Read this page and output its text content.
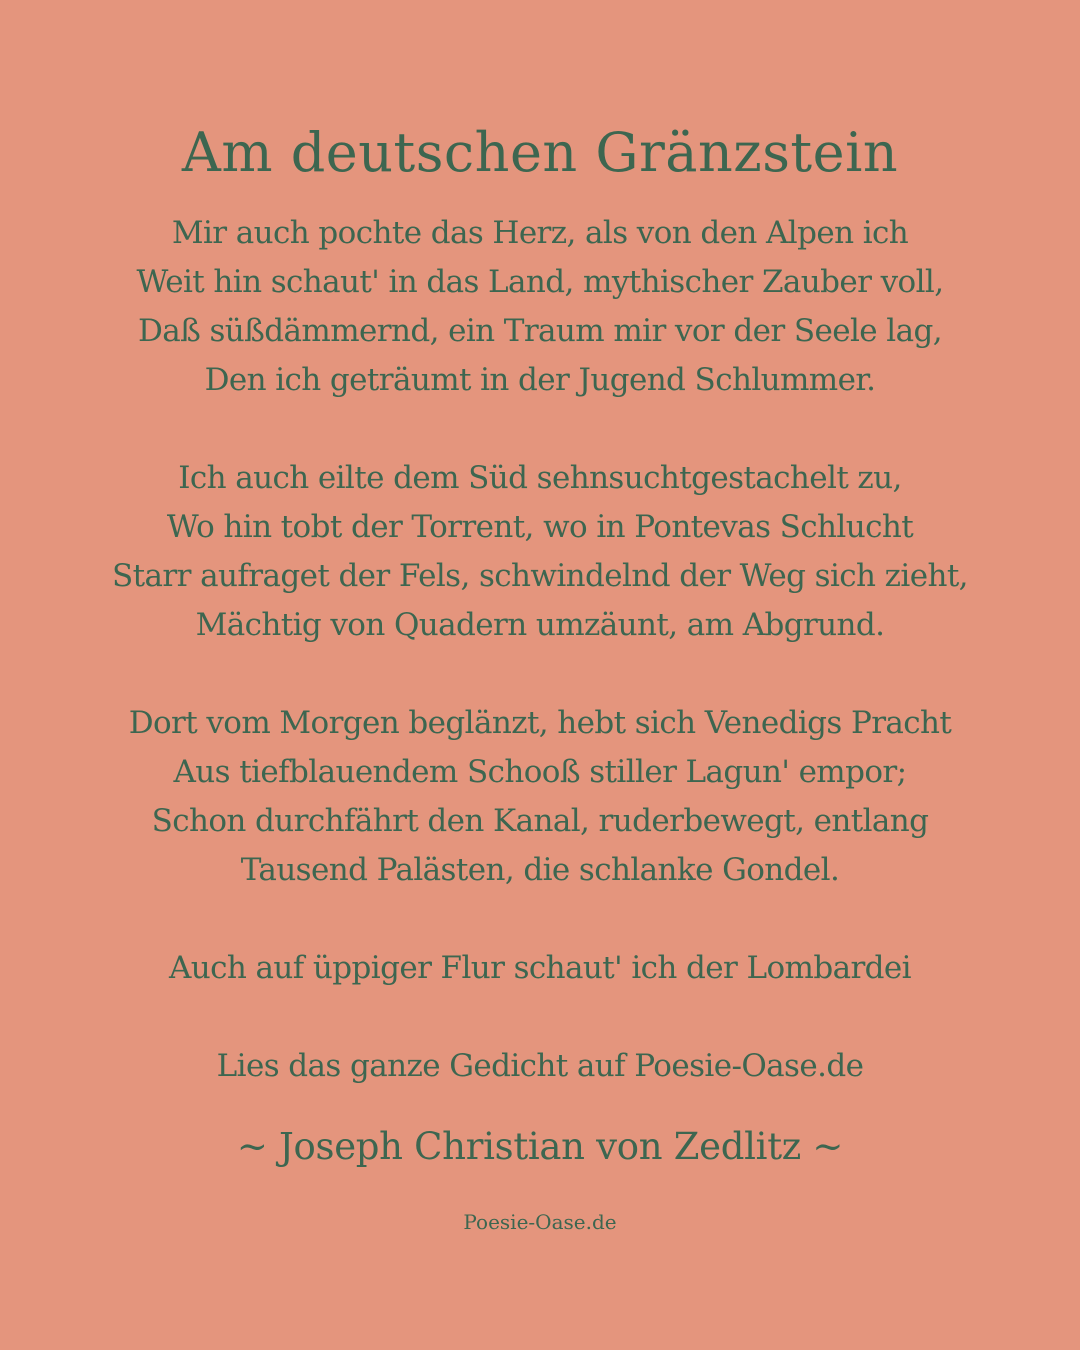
Am deutschen Gränzstein

Mir auch pochte das Herz, als von den Alpen ich
Weit hin schaut' in das Land, mythischer Zauber voll,
Daß süßdämmernd, ein Traum mir vor der Seele lag,
Den ich geträumt in der Jugend Schlummer.

Ich auch eilte dem Süd sehnsuchtgestachelt zu,
Wo hin tobt der Torrent, wo in Pontevas Schlucht
Starr aufraget der Fels, schwindelnd der Weg sich zieht,
Mächtig von Quadern umzäunt, am Abgrund.

Dort vom Morgen beglänzt, hebt sich Venedigs Pracht
Aus tiefblauendem Schooß stiller Lagun' empor;
Schon durchfährt den Kanal, ruderbewegt, entlang
Tausend Palästen, die schlanke Gondel.

Auch auf üppiger Flur schaut' ich der Lombardei

Lies das ganze Gedicht auf Poesie-Oase.de
~ Joseph Christian von Zedlitz ~
Poesie-Oase.de
